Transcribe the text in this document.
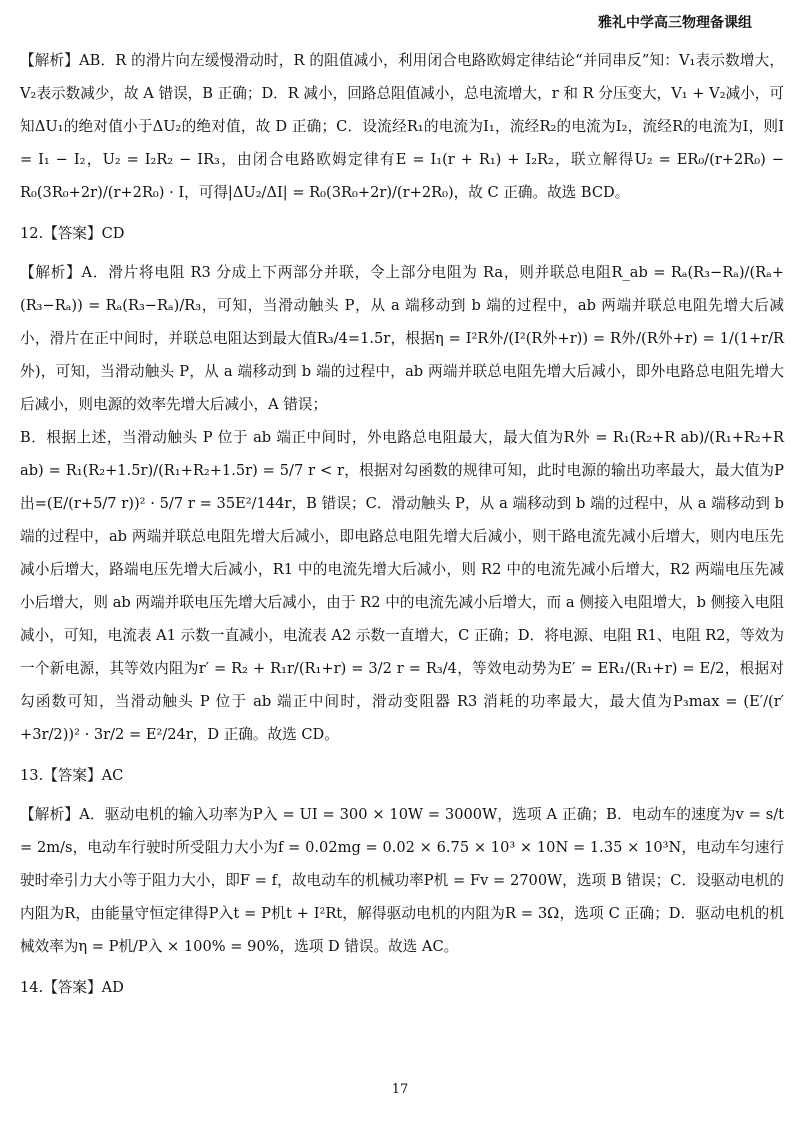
雅礼中学高三物理备课组

【解析】AB．R 的滑片向左缓慢滑动时，R 的阻值减小，利用闭合电路欧姆定律结论“并同串反”知：V₁表示数增大，V₂表示数减少，故 A 错误，B 正确；D．R 减小，回路总阻值减小，总电流增大，r 和 R 分压变大，V₁ + V₂减小，可知ΔU₁的绝对值小于ΔU₂的绝对值，故 D 正确；C．设流经R₁的电流为I₁，流经R₂的电流为I₂，流经R的电流为I，则I = I₁ − I₂，U₂ = I₂R₂ − IR₃，由闭合电路欧姆定律有E = I₁(r + R₁) + I₂R₂，联立解得U₂ = ER₀/(r+2R₀) − R₀(3R₀+2r)/(r+2R₀) · I，可得|ΔU₂/ΔI| = R₀(3R₀+2r)/(r+2R₀)，故 C 正确。故选 BCD。

12.【答案】CD

【解析】A．滑片将电阻 R3 分成上下两部分并联，令上部分电阻为 Ra，则并联总电阻R_ab = Rₐ(R₃−Rₐ)/(Rₐ+(R₃−Rₐ)) = Rₐ(R₃−Rₐ)/R₃，可知，当滑动触头 P，从 a 端移动到 b 端的过程中，ab 两端并联总电阻先增大后减小，滑片在正中间时，并联总电阻达到最大值R₃/4=1.5r，根据η = I²R外/(I²(R外+r)) = R外/(R外+r) = 1/(1+r/R外)，可知，当滑动触头 P，从 a 端移动到 b 端的过程中，ab 两端并联总电阻先增大后减小，即外电路总电阻先增大后减小，则电源的效率先增大后减小，A 错误；

B．根据上述，当滑动触头 P 位于 ab 端正中间时，外电路总电阻最大，最大值为R外 = R₁(R₂+R ab)/(R₁+R₂+R ab) = R₁(R₂+1.5r)/(R₁+R₂+1.5r) = 5/7 r < r，根据对勾函数的规律可知，此时电源的输出功率最大，最大值为P出=(E/(r+5/7 r))² · 5/7 r = 35E²/144r，B 错误；C．滑动触头 P，从 a 端移动到 b 端的过程中，从 a 端移动到 b 端的过程中，ab 两端并联总电阻先增大后减小，即电路总电阻先增大后减小，则干路电流先减小后增大，则内电压先减小后增大，路端电压先增大后减小，R1 中的电流先增大后减小，则 R2 中的电流先减小后增大，R2 两端电压先减小后增大，则 ab 两端并联电压先增大后减小，由于 R2 中的电流先减小后增大，而 a 侧接入电阻增大，b 侧接入电阻减小，可知，电流表 A1 示数一直减小，电流表 A2 示数一直增大，C 正确；D．将电源、电阻 R1、电阻 R2，等效为一个新电源，其等效内阻为r′ = R₂ + R₁r/(R₁+r) = 3/2 r = R₃/4，等效电动势为E′ = ER₁/(R₁+r) = E/2，根据对勾函数可知，当滑动触头 P 位于 ab 端正中间时，滑动变阻器 R3 消耗的功率最大，最大值为P₃max = (E′/(r′+3r/2))² · 3r/2 = E²/24r，D 正确。故选 CD。

13.【答案】AC

【解析】A．驱动电机的输入功率为P入 = UI = 300 × 10W = 3000W，选项 A 正确；B．电动车的速度为v = s/t = 2m/s，电动车行驶时所受阻力大小为f = 0.02mg = 0.02 × 6.75 × 10³ × 10N = 1.35 × 10³N，电动车匀速行驶时牵引力大小等于阻力大小，即F = f，故电动车的机械功率P机 = Fv = 2700W，选项 B 错误；C．设驱动电机的内阻为R，由能量守恒定律得P入t = P机t + I²Rt，解得驱动电机的内阻为R = 3Ω，选项 C 正确；D．驱动电机的机械效率为η = P机/P入 × 100% = 90%，选项 D 错误。故选 AC。

14.【答案】AD
17
